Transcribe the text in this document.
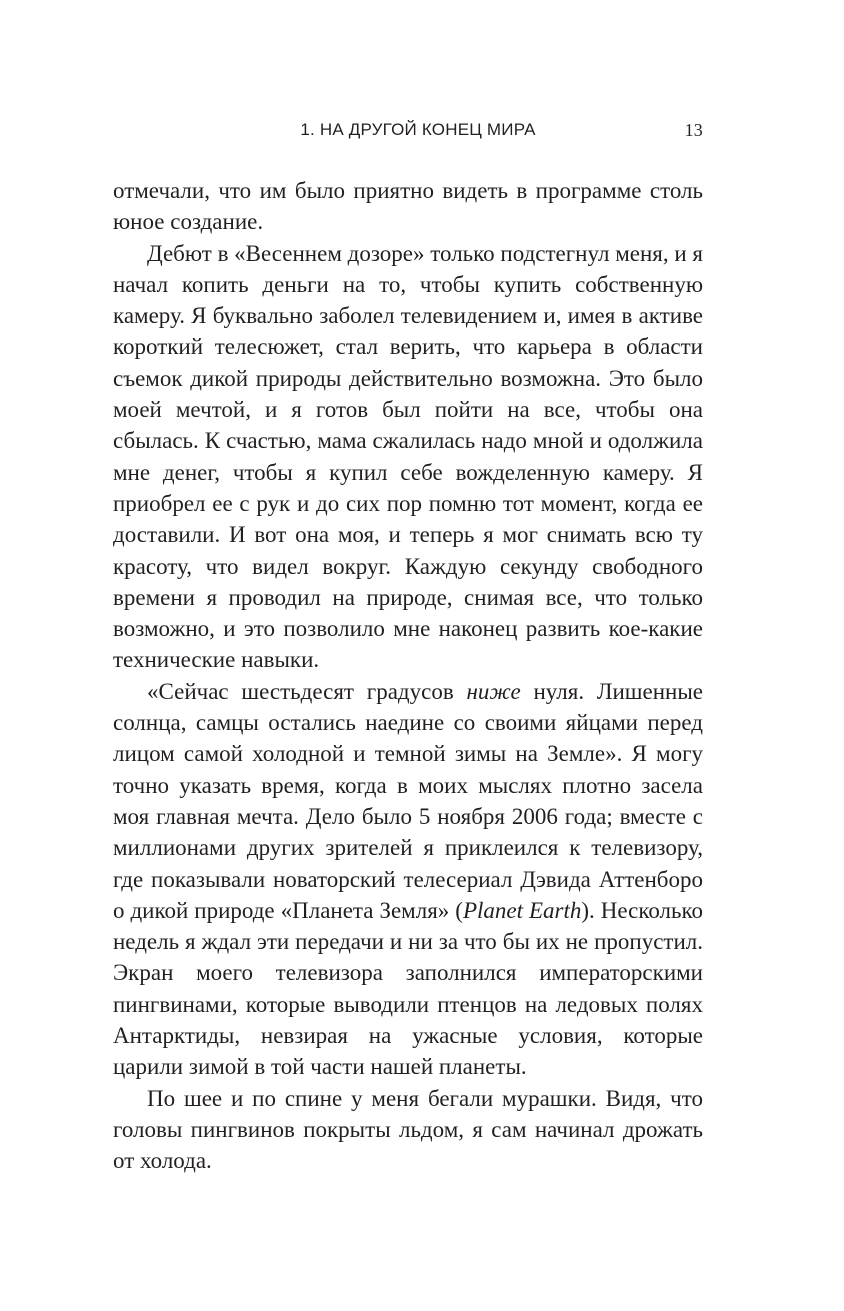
1. НА ДРУГОЙ КОНЕЦ МИРА	13

отмечали, что им было приятно видеть в программе столь юное создание.

Дебют в «Весеннем дозоре» только подстегнул меня, и я начал копить деньги на то, чтобы купить собственную камеру. Я буквально заболел телевидением и, имея в активе короткий телесюжет, стал верить, что карьера в области съемок дикой природы действительно возможна. Это было моей мечтой, и я готов был пойти на все, чтобы она сбылась. К счастью, мама сжалилась надо мной и одолжила мне денег, чтобы я купил себе вожделенную камеру. Я приобрел ее с рук и до сих пор помню тот момент, когда ее доставили. И вот она моя, и теперь я мог снимать всю ту красоту, что видел вокруг. Каждую секунду свободного времени я проводил на природе, снимая все, что только возможно, и это позволило мне наконец развить кое-какие технические навыки.

«Сейчас шестьдесят градусов ниже нуля. Лишенные солнца, самцы остались наедине со своими яйцами перед лицом самой холодной и темной зимы на Земле». Я могу точно указать время, когда в моих мыслях плотно засела моя главная мечта. Дело было 5 ноября 2006 года; вместе с миллионами других зрителей я приклеился к телевизору, где показывали новаторский телесериал Дэвида Аттенборо о дикой природе «Планета Земля» (Planet Earth). Несколько недель я ждал эти передачи и ни за что бы их не пропустил. Экран моего телевизора заполнился императорскими пингвинами, которые выводили птенцов на ледовых полях Антарктиды, невзирая на ужасные условия, которые царили зимой в той части нашей планеты.

По шее и по спине у меня бегали мурашки. Видя, что головы пингвинов покрыты льдом, я сам начинал дрожать от холода.
